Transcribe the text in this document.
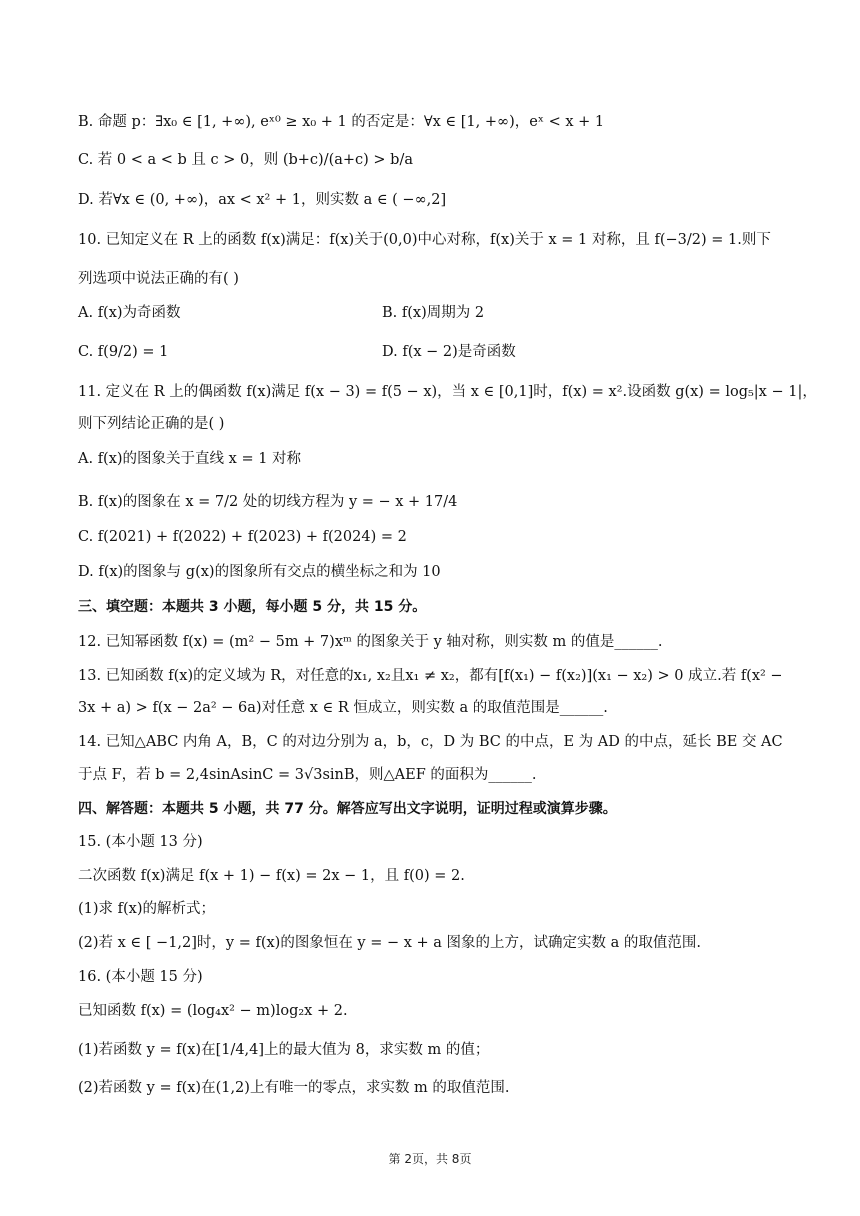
B. 命题 p：∃x₀ ∈ [1, +∞), eˣ⁰ ≥ x₀ + 1 的否定是：∀x ∈ [1, +∞)，eˣ < x + 1
C. 若 0 < a < b 且 c > 0，则 (b+c)/(a+c) > b/a
D. 若∀x ∈ (0, +∞)，ax < x² + 1，则实数 a ∈ ( −∞,2]
10. 已知定义在 R 上的函数 f(x)满足：f(x)关于(0,0)中心对称，f(x)关于 x = 1 对称，且 f(−3/2) = 1.则下
列选项中说法正确的有( )
A. f(x)为奇函数	B. f(x)周期为 2
C. f(9/2) = 1	D. f(x − 2)是奇函数
11. 定义在 R 上的偶函数 f(x)满足 f(x − 3) = f(5 − x)，当 x ∈ [0,1]时，f(x) = x².设函数 g(x) = log₅|x − 1|，
则下列结论正确的是( )
A. f(x)的图象关于直线 x = 1 对称
B. f(x)的图象在 x = 7/2 处的切线方程为 y = − x + 17/4
C. f(2021) + f(2022) + f(2023) + f(2024) = 2
D. f(x)的图象与 g(x)的图象所有交点的横坐标之和为 10
三、填空题：本题共 3 小题，每小题 5 分，共 15 分。
12. 已知幂函数 f(x) = (m² − 5m + 7)xᵐ 的图象关于 y 轴对称，则实数 m 的值是______.
13. 已知函数 f(x)的定义域为 R，对任意的x₁, x₂且x₁ ≠ x₂，都有[f(x₁) − f(x₂)](x₁ − x₂) > 0 成立.若 f(x² −
3x + a) > f(x − 2a² − 6a)对任意 x ∈ R 恒成立，则实数 a 的取值范围是______.
14. 已知△ABC 内角 A，B，C 的对边分别为 a，b，c，D 为 BC 的中点，E 为 AD 的中点，延长 BE 交 AC
于点 F，若 b = 2,4sinAsinC = 3√3sinB，则△AEF 的面积为______.
四、解答题：本题共 5 小题，共 77 分。解答应写出文字说明，证明过程或演算步骤。
15. (本小题 13 分)
二次函数 f(x)满足 f(x + 1) − f(x) = 2x − 1，且 f(0) = 2.
(1)求 f(x)的解析式；
(2)若 x ∈ [ −1,2]时，y = f(x)的图象恒在 y = − x + a 图象的上方，试确定实数 a 的取值范围.
16. (本小题 15 分)
已知函数 f(x) = (log₄x² − m)log₂x + 2.
(1)若函数 y = f(x)在[1/4,4]上的最大值为 8，求实数 m 的值；
(2)若函数 y = f(x)在(1,2)上有唯一的零点，求实数 m 的取值范围.
第 2页，共 8页
